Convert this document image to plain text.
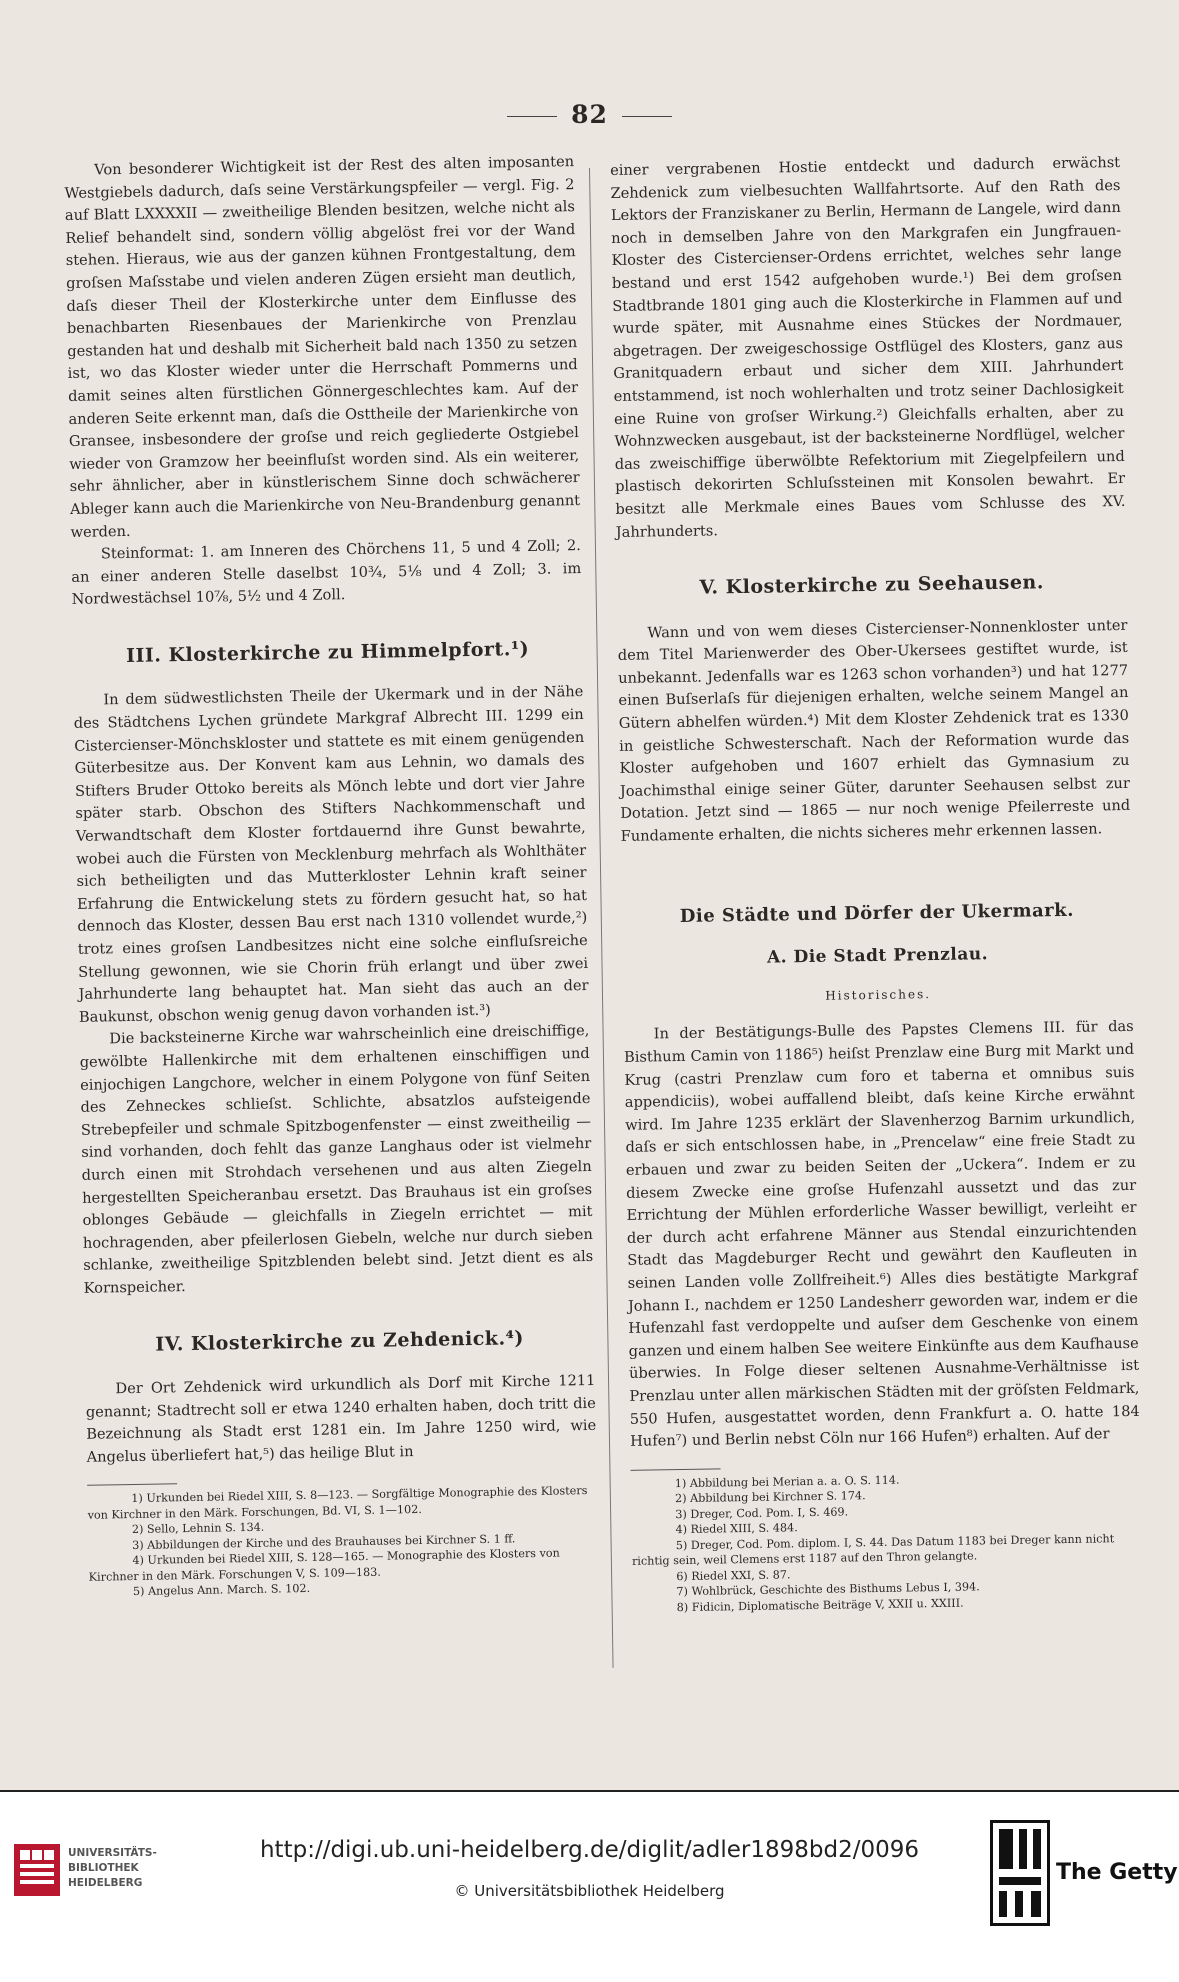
82

Von besonderer Wichtigkeit ist der Rest des alten imposanten Westgiebels dadurch, daſs seine Verstärkungspfeiler — vergl. Fig. 2 auf Blatt LXXXXII — zweitheilige Blenden besitzen, welche nicht als Relief behandelt sind, sondern völlig abgelöst frei vor der Wand stehen. Hieraus, wie aus der ganzen kühnen Frontgestaltung, dem groſsen Maſsstabe und vielen anderen Zügen ersieht man deutlich, daſs dieser Theil der Klosterkirche unter dem Einflusse des benachbarten Riesenbaues der Marienkirche von Prenzlau gestanden hat und deshalb mit Sicherheit bald nach 1350 zu setzen ist, wo das Kloster wieder unter die Herrschaft Pommerns und damit seines alten fürstlichen Gönnergeschlechtes kam. Auf der anderen Seite erkennt man, daſs die Osttheile der Marienkirche von Gransee, insbesondere der groſse und reich gegliederte Ostgiebel wieder von Gramzow her beeinfluſst worden sind. Als ein weiterer, sehr ähnlicher, aber in künstlerischem Sinne doch schwächerer Ableger kann auch die Marienkirche von Neu-Brandenburg genannt werden.

Steinformat: 1. am Inneren des Chörchens 11, 5 und 4 Zoll; 2. an einer anderen Stelle daselbst 10¾, 5⅛ und 4 Zoll; 3. im Nordwestächsel 10⅞, 5½ und 4 Zoll.

III. Klosterkirche zu Himmelpfort.¹)

In dem südwestlichsten Theile der Ukermark und in der Nähe des Städtchens Lychen gründete Markgraf Albrecht III. 1299 ein Cistercienser-Mönchskloster und stattete es mit einem genügenden Güterbesitze aus. Der Konvent kam aus Lehnin, wo damals des Stifters Bruder Ottoko bereits als Mönch lebte und dort vier Jahre später starb. Obschon des Stifters Nachkommenschaft und Verwandtschaft dem Kloster fortdauernd ihre Gunst bewahrte, wobei auch die Fürsten von Mecklenburg mehrfach als Wohlthäter sich betheiligten und das Mutterkloster Lehnin kraft seiner Erfahrung die Entwickelung stets zu fördern gesucht hat, so hat dennoch das Kloster, dessen Bau erst nach 1310 vollendet wurde,²) trotz eines groſsen Landbesitzes nicht eine solche einfluſsreiche Stellung gewonnen, wie sie Chorin früh erlangt und über zwei Jahrhunderte lang behauptet hat. Man sieht das auch an der Baukunst, obschon wenig genug davon vorhanden ist.³)

Die backsteinerne Kirche war wahrscheinlich eine dreischiffige, gewölbte Hallenkirche mit dem erhaltenen einschiffigen und einjochigen Langchore, welcher in einem Polygone von fünf Seiten des Zehneckes schlieſst. Schlichte, absatzlos aufsteigende Strebepfeiler und schmale Spitzbogenfenster — einst zweitheilig — sind vorhanden, doch fehlt das ganze Langhaus oder ist vielmehr durch einen mit Strohdach versehenen und aus alten Ziegeln hergestellten Speicheranbau ersetzt. Das Brauhaus ist ein groſses oblonges Gebäude — gleichfalls in Ziegeln errichtet — mit hochragenden, aber pfeilerlosen Giebeln, welche nur durch sieben schlanke, zweitheilige Spitzblenden belebt sind. Jetzt dient es als Kornspeicher.

IV. Klosterkirche zu Zehdenick.⁴)

Der Ort Zehdenick wird urkundlich als Dorf mit Kirche 1211 genannt; Stadtrecht soll er etwa 1240 erhalten haben, doch tritt die Bezeichnung als Stadt erst 1281 ein. Im Jahre 1250 wird, wie Angelus überliefert hat,⁵) das heilige Blut in

1) Urkunden bei Riedel XIII, S. 8—123. — Sorgfältige Monographie des Klosters von Kirchner in den Märk. Forschungen, Bd. VI, S. 1—102.
2) Sello, Lehnin S. 134.
3) Abbildungen der Kirche und des Brauhauses bei Kirchner S. 1 ff.
4) Urkunden bei Riedel XIII, S. 128—165. — Monographie des Klosters von Kirchner in den Märk. Forschungen V, S. 109—183.
5) Angelus Ann. March. S. 102.

einer vergrabenen Hostie entdeckt und dadurch erwächst Zehdenick zum vielbesuchten Wallfahrtsorte. Auf den Rath des Lektors der Franziskaner zu Berlin, Hermann de Langele, wird dann noch in demselben Jahre von den Markgrafen ein Jungfrauen-Kloster des Cistercienser-Ordens errichtet, welches sehr lange bestand und erst 1542 aufgehoben wurde.¹) Bei dem groſsen Stadtbrande 1801 ging auch die Klosterkirche in Flammen auf und wurde später, mit Ausnahme eines Stückes der Nordmauer, abgetragen. Der zweigeschossige Ostflügel des Klosters, ganz aus Granitquadern erbaut und sicher dem XIII. Jahrhundert entstammend, ist noch wohlerhalten und trotz seiner Dachlosigkeit eine Ruine von groſser Wirkung.²) Gleichfalls erhalten, aber zu Wohnzwecken ausgebaut, ist der backsteinerne Nordflügel, welcher das zweischiffige überwölbte Refektorium mit Ziegelpfeilern und plastisch dekorirten Schluſssteinen mit Konsolen bewahrt. Er besitzt alle Merkmale eines Baues vom Schlusse des XV. Jahrhunderts.

V. Klosterkirche zu Seehausen.

Wann und von wem dieses Cistercienser-Nonnenkloster unter dem Titel Marienwerder des Ober-Ukersees gestiftet wurde, ist unbekannt. Jedenfalls war es 1263 schon vorhanden³) und hat 1277 einen Buſserlaſs für diejenigen erhalten, welche seinem Mangel an Gütern abhelfen würden.⁴) Mit dem Kloster Zehdenick trat es 1330 in geistliche Schwesterschaft. Nach der Reformation wurde das Kloster aufgehoben und 1607 erhielt das Gymnasium zu Joachimsthal einige seiner Güter, darunter Seehausen selbst zur Dotation. Jetzt sind — 1865 — nur noch wenige Pfeilerreste und Fundamente erhalten, die nichts sicheres mehr erkennen lassen.

Die Städte und Dörfer der Ukermark.
A. Die Stadt Prenzlau.
Historisches.

In der Bestätigungs-Bulle des Papstes Clemens III. für das Bisthum Camin von 1186⁵) heiſst Prenzlaw eine Burg mit Markt und Krug (castri Prenzlaw cum foro et taberna et omnibus suis appendiciis), wobei auffallend bleibt, daſs keine Kirche erwähnt wird. Im Jahre 1235 erklärt der Slavenherzog Barnim urkundlich, daſs er sich entschlossen habe, in „Prencelaw“ eine freie Stadt zu erbauen und zwar zu beiden Seiten der „Uckera“. Indem er zu diesem Zwecke eine groſse Hufenzahl aussetzt und das zur Errichtung der Mühlen erforderliche Wasser bewilligt, verleiht er der durch acht erfahrene Männer aus Stendal einzurichtenden Stadt das Magdeburger Recht und gewährt den Kaufleuten in seinen Landen volle Zollfreiheit.⁶) Alles dies bestätigte Markgraf Johann I., nachdem er 1250 Landesherr geworden war, indem er die Hufenzahl fast verdoppelte und auſser dem Geschenke von einem ganzen und einem halben See weitere Einkünfte aus dem Kaufhause überwies. In Folge dieser seltenen Ausnahme-Verhältnisse ist Prenzlau unter allen märkischen Städten mit der gröſsten Feldmark, 550 Hufen, ausgestattet worden, denn Frankfurt a. O. hatte 184 Hufen⁷) und Berlin nebst Cöln nur 166 Hufen⁸) erhalten. Auf der

1) Abbildung bei Merian a. a. O. S. 114.
2) Abbildung bei Kirchner S. 174.
3) Dreger, Cod. Pom. I, S. 469.
4) Riedel XIII, S. 484.
5) Dreger, Cod. Pom. diplom. I, S. 44. Das Datum 1183 bei Dreger kann nicht richtig sein, weil Clemens erst 1187 auf den Thron gelangte.
6) Riedel XXI, S. 87.
7) Wohlbrück, Geschichte des Bisthums Lebus I, 394.
8) Fidicin, Diplomatische Beiträge V, XXII u. XXIII.
UNIVERSITÄTS-
BIBLIOTHEK
HEIDELBERG
http://digi.ub.uni-heidelberg.de/diglit/adler1898bd2/0096
© Universitätsbibliothek Heidelberg
The Getty
